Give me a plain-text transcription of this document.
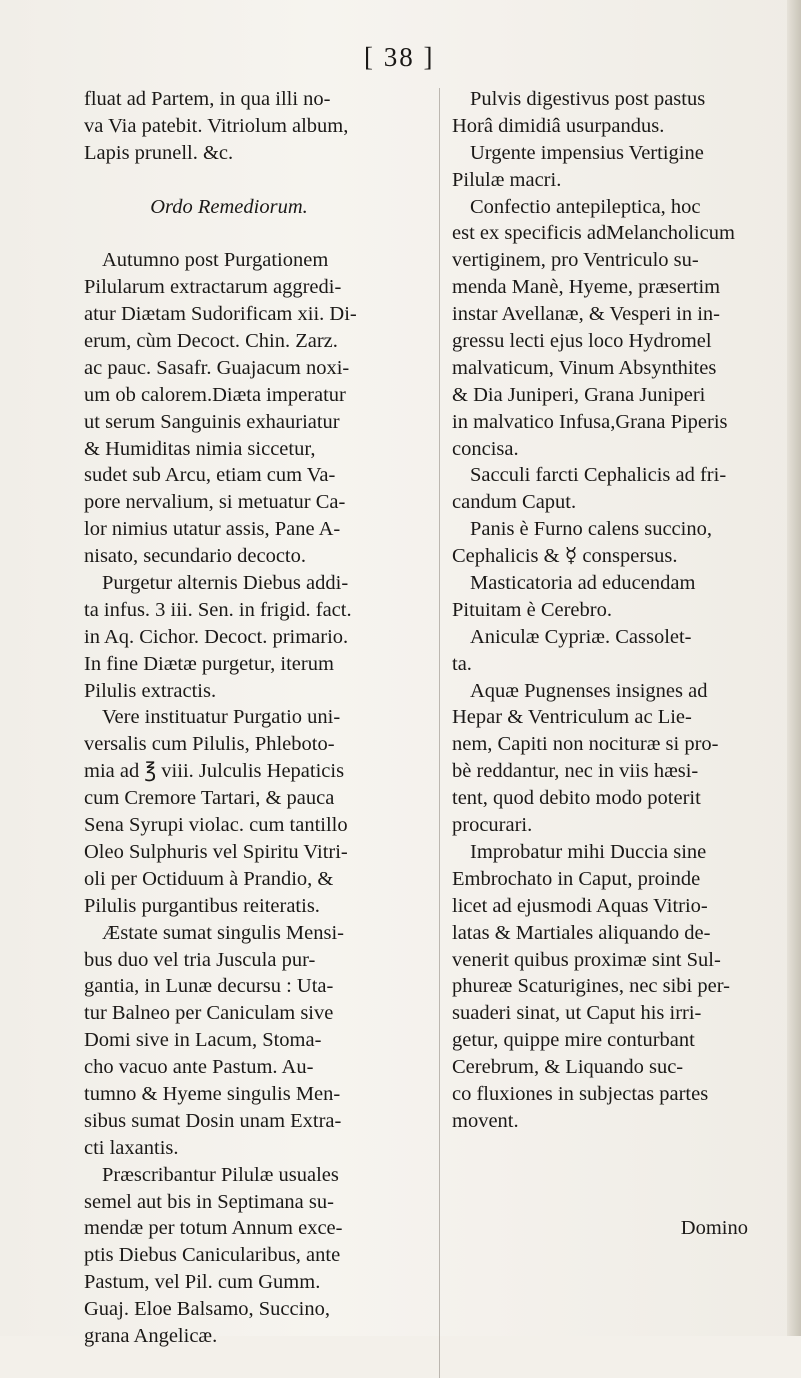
[ 38 ]
fluat ad Partem, in qua illi no-
va Via patebit. Vitriolum album,
Lapis prunell. &c.
Ordo Remediorum.
Autumno post Purgationem
Pilularum extractarum aggredi-
atur Diætam Sudorificam xii. Di-
erum, cùm Decoct. Chin. Zarz.
ac pauc. Sasafr. Guajacum noxi-
um ob calorem.Diæta imperatur
ut serum Sanguinis exhauriatur
& Humiditas nimia siccetur,
sudet sub Arcu, etiam cum Va-
pore nervalium, si metuatur Ca-
lor nimius utatur assis, Pane A-
nisato, secundario decocto.
Purgetur alternis Diebus addi-
ta infus. 3 iii. Sen. in frigid. fact.
in Aq. Cichor. Decoct. primario.
In fine Diætæ purgetur, iterum
Pilulis extractis.
Vere instituatur Purgatio uni-
versalis cum Pilulis, Phleboto-
mia ad ℥ viii. Julculis Hepaticis
cum Cremore Tartari, & pauca
Sena Syrupi violac. cum tantillo
Oleo Sulphuris vel Spiritu Vitri-
oli per Octiduum à Prandio, &
Pilulis purgantibus reiteratis.
Æstate sumat singulis Mensi-
bus duo vel tria Juscula pur-
gantia, in Lunæ decursu : Uta-
tur Balneo per Caniculam sive
Domi sive in Lacum, Stoma-
cho vacuo ante Pastum. Au-
tumno & Hyeme singulis Men-
sibus sumat Dosin unam Extra-
cti laxantis.
Præscribantur Pilulæ usuales
semel aut bis in Septimana su-
mendæ per totum Annum exce-
ptis Diebus Canicularibus, ante
Pastum, vel Pil. cum Gumm.
Guaj. Eloe Balsamo, Succino,
grana Angelicæ.
Pulvis digestivus post pastus
Horâ dimidiâ usurpandus.
Urgente impensius Vertigine
Pilulæ macri.
Confectio antepileptica, hoc
est ex specificis adMelancholicum
vertiginem, pro Ventriculo su-
menda Manè, Hyeme, præsertim
instar Avellanæ, & Vesperi in in-
gressu lecti ejus loco Hydromel
malvaticum, Vinum Absynthites
& Dia Juniperi, Grana Juniperi
in malvatico Infusa,Grana Piperis
concisa.
Sacculi farcti Cephalicis ad fri-
candum Caput.
Panis è Furno calens succino,
Cephalicis & ☿ conspersus.
Masticatoria ad educendam
Pituitam è Cerebro.
Aniculæ Cypriæ. Cassolet-
ta.
Aquæ Pugnenses insignes ad
Hepar & Ventriculum ac Lie-
nem, Capiti non nocituræ si pro-
bè reddantur, nec in viis hæsi-
tent, quod debito modo poterit
procurari.
Improbatur mihi Duccia sine
Embrochato in Caput, proinde
licet ad ejusmodi Aquas Vitrio-
latas & Martiales aliquando de-
venerit quibus proximæ sint Sul-
phureæ Scaturigines, nec sibi per-
suaderi sinat, ut Caput his irri-
getur, quippe mire conturbant
Cerebrum, & Liquando suc-
co fluxiones in subjectas partes
movent.
Domino
